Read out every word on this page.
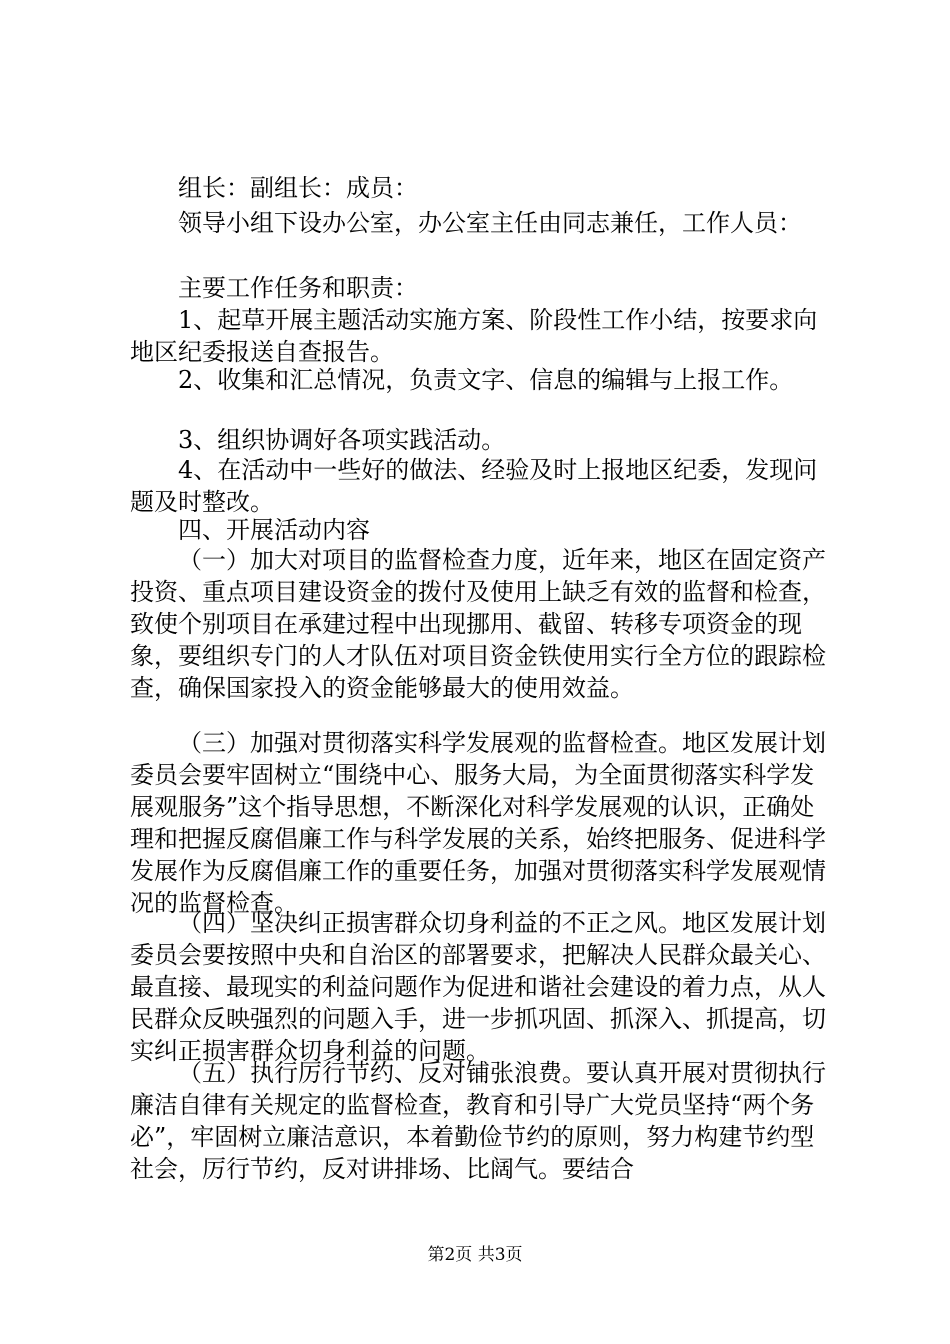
组长：副组长：成员：

领导小组下设办公室，办公室主任由同志兼任，工作人员：

主要工作任务和职责：

1、起草开展主题活动实施方案、阶段性工作小结，按要求向地区纪委报送自查报告。

2、收集和汇总情况，负责文字、信息的编辑与上报工作。

3、组织协调好各项实践活动。

4、在活动中一些好的做法、经验及时上报地区纪委，发现问题及时整改。

四、开展活动内容

（一）加大对项目的监督检查力度，近年来，地区在固定资产投资、重点项目建设资金的拨付及使用上缺乏有效的监督和检查，致使个别项目在承建过程中出现挪用、截留、转移专项资金的现象，要组织专门的人才队伍对项目资金铁使用实行全方位的跟踪检查，确保国家投入的资金能够最大的使用效益。

（三）加强对贯彻落实科学发展观的监督检查。地区发展计划委员会要牢固树立“围绕中心、服务大局，为全面贯彻落实科学发展观服务”这个指导思想，不断深化对科学发展观的认识，正确处理和把握反腐倡廉工作与科学发展的关系，始终把服务、促进科学发展作为反腐倡廉工作的重要任务，加强对贯彻落实科学发展观情况的监督检查。

（四）坚决纠正损害群众切身利益的不正之风。地区发展计划委员会要按照中央和自治区的部署要求，把解决人民群众最关心、最直接、最现实的利益问题作为促进和谐社会建设的着力点，从人民群众反映强烈的问题入手，进一步抓巩固、抓深入、抓提高，切实纠正损害群众切身利益的问题。

（五）执行厉行节约、反对铺张浪费。要认真开展对贯彻执行廉洁自律有关规定的监督检查，教育和引导广大党员坚持“两个务必”，牢固树立廉洁意识，本着勤俭节约的原则，努力构建节约型社会，厉行节约，反对讲排场、比阔气。要结合

第2页 共3页
